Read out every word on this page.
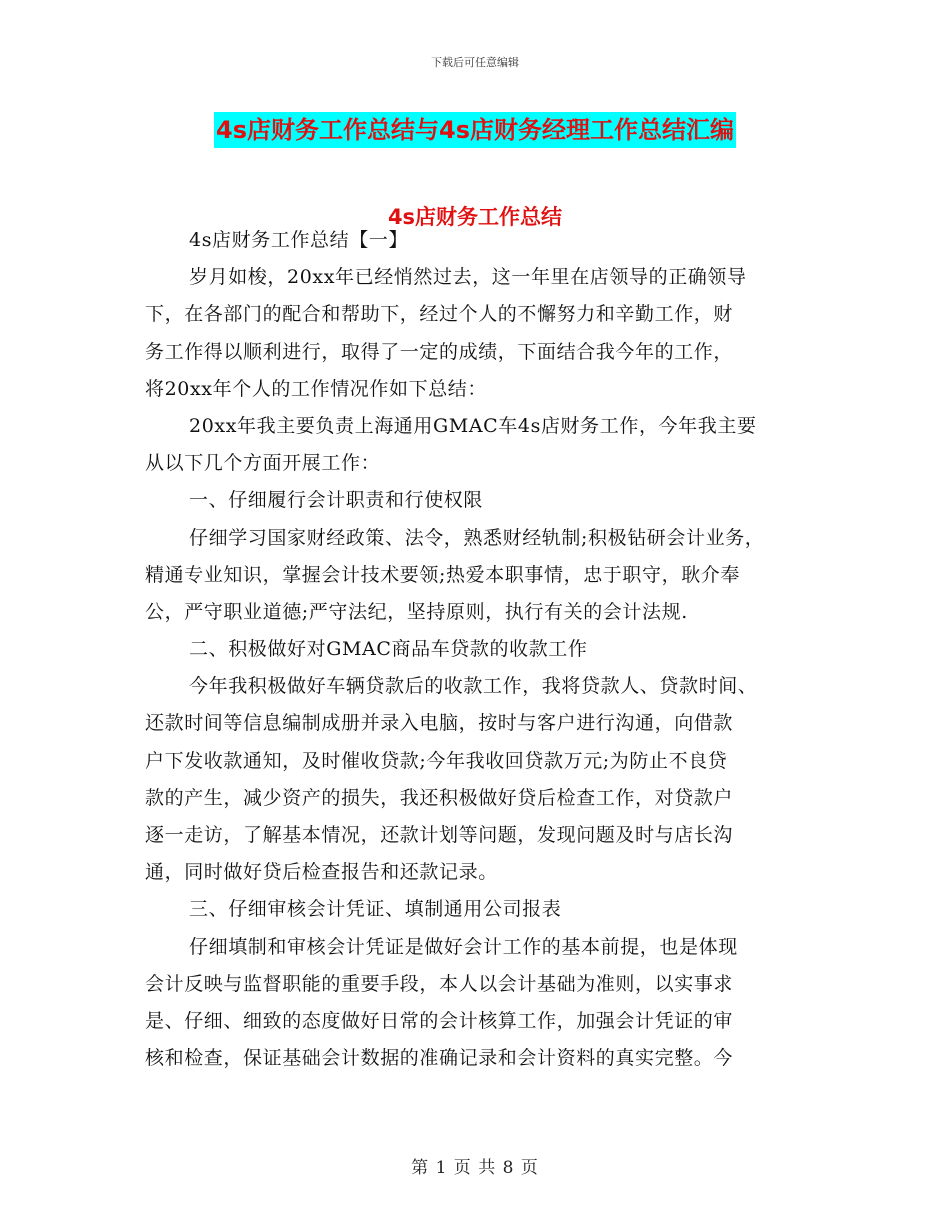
下载后可任意编辑
4s店财务工作总结与4s店财务经理工作总结汇编
4s店财务工作总结
4s店财务工作总结【一】
岁月如梭，20xx年已经悄然过去，这一年里在店领导的正确领导
下，在各部门的配合和帮助下，经过个人的不懈努力和辛勤工作，财
务工作得以顺利进行，取得了一定的成绩，下面结合我今年的工作，
将20xx年个人的工作情况作如下总结：
20xx年我主要负责上海通用GMAC车4s店财务工作，今年我主要
从以下几个方面开展工作：
一、仔细履行会计职责和行使权限
仔细学习国家财经政策、法令，熟悉财经轨制;积极钻研会计业务，
精通专业知识，掌握会计技术要领;热爱本职事情，忠于职守，耿介奉
公，严守职业道德;严守法纪，坚持原则，执行有关的会计法规.
二、积极做好对GMAC商品车贷款的收款工作
今年我积极做好车辆贷款后的收款工作，我将贷款人、贷款时间、
还款时间等信息编制成册并录入电脑，按时与客户进行沟通，向借款
户下发收款通知，及时催收贷款;今年我收回贷款万元;为防止不良贷
款的产生，减少资产的损失，我还积极做好贷后检查工作，对贷款户
逐一走访，了解基本情况，还款计划等问题，发现问题及时与店长沟
通，同时做好贷后检查报告和还款记录。
三、仔细审核会计凭证、填制通用公司报表
仔细填制和审核会计凭证是做好会计工作的基本前提，也是体现
会计反映与监督职能的重要手段，本人以会计基础为准则，以实事求
是、仔细、细致的态度做好日常的会计核算工作，加强会计凭证的审
核和检查，保证基础会计数据的准确记录和会计资料的真实完整。今
第 1 页 共 8 页
